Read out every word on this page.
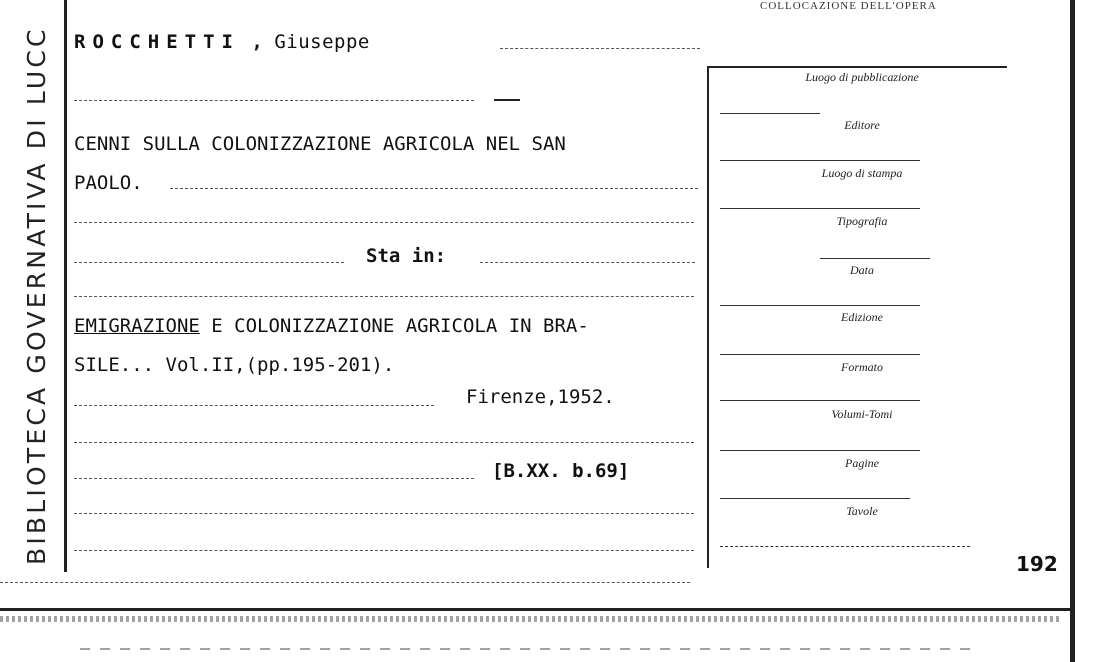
BIBLIOTECA GOVERNATIVA DI LUCC ROCCHETTI , Giuseppe
CENNI SULLA COLONIZZAZIONE AGRICOLA NEL SAN
PAOLO.
Sta in:
EMIGRAZIONE E COLONIZZAZIONE AGRICOLA IN BRA-
SILE... Vol.II,(pp.195-201).
Firenze,1952.
[B.XX. b.69]
COLLOCAZIONE DELL'OPERA
Luogo di pubblicazione
Editore
Luogo di stampa
Tipografia
Data
Edizione
Formato
Volumi-Tomi
Pagine
Tavole
192
